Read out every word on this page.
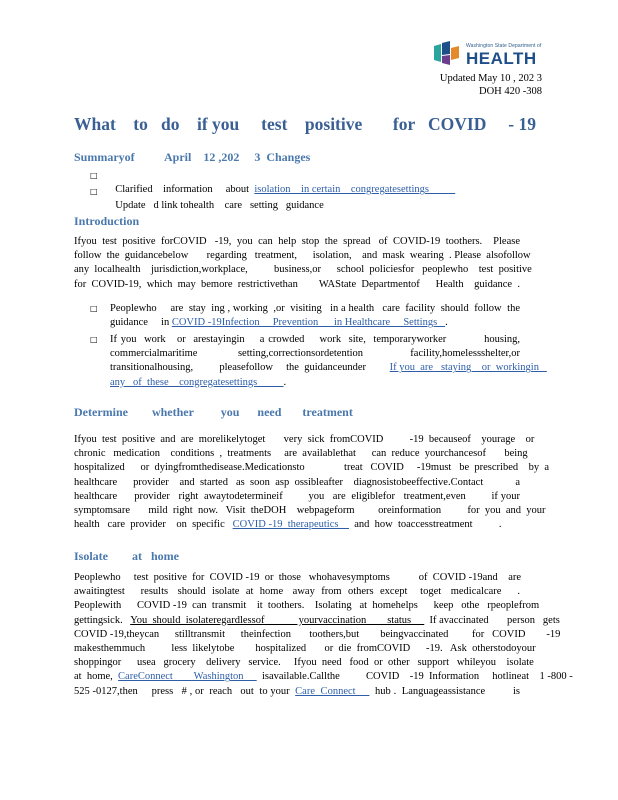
Washington State Department of
HEALTH
Updated May 10 , 202 3
DOH 420 -308
What    to   do    if you     test    positive       for   COVID     - 19
Summaryof          April    12 ,202     3  Changes

□
Clarified    information     about  isolation    in certain    congregatesettings

□
Update   d link tohealth    care   setting   guidance

Introduction
Ifyou  test  positive  forCOVID   -19,  you  can  help  stop  the  spread   of  COVID-19  toothers.    Please
follow  the  guidancebelow       regarding   treatment,      isolation,    and  mask  wearing  . Please  alsofollow
any  localhealth    jurisdiction,workplace,          business,or      school  policiesfor   peoplewho    test  positive
for  COVID-19,  which  may  bemore  restrictivethan        WAState  Departmentof      Health    guidance  .
□ Peoplewho     are  stay  ing , working  ,or  visiting   in a health   care  facility  should  follow  the
guidance     in COVID -19Infection     Prevention      in Healthcare     Settings   .
□ If you  work   or  arestayingin    a crowded    work  site,  temporaryworker          housing,
commercialmaritime            setting,correctionsordetention              facility,homelessshelter,or
transitionalhousing,          pleasefollow     the  guidanceunder         If you  are   staying    or  workingin
any   of  these    congregatesettings          .
Determine        whether         you      need       treatment
Ifyou  test  positive  and  are  morelikelytoget       very  sick  fromCOVID          -19  becauseof    yourage    or
chronic   medication    conditions  ,  treatments     are  availablethat      can  reduce  yourchancesof       being
hospitalized      or  dyingfromthedisease.Medicationsto               treat   COVID     -19must   be  prescribed    by  a
healthcare      provider    and  started   as  soon  asp  ossibleafter    diagnosistobeeffective.Contact            a
healthcare      provider   right  awaytodetermineif         you   are  eligiblefor   treatment,even         if your
symptomsare       mild  right  now.   Visit  theDOH    webpageform         oreinformation          for  you  and  your
health   care  provider    on  specific   COVID -19  therapeutics      and  how  toaccesstreatment          .
Isolate        at   home
Peoplewho     test  positive  for  COVID -19  or  those   whohavesymptoms           of  COVID -19and    are
awaitingtest     results   should  isolate  at  home   away  from  others  except    toget   medicalcare     .
Peoplewith      COVID -19  can  transmit    it  toothers.    Isolating   at  homehelps      keep   othe   rpeoplefrom
gettingsick.   You  should  isolateregardlessof             yourvaccination        status       If avaccinated       person   gets
COVID -19,theycan      stilltransmit      theinfection       toothers,but        beingvaccinated         for   COVID        -19
makesthemmuch          less  likelytobe        hospitalized       or  die  fromCOVID      -19.   Ask  otherstodoyour
shoppingor      usea   grocery    delivery   service.     Ifyou  need   food  or  other   support   whileyou    isolate
at  home,  CareConnect        Washington       isavailable.Callthe          COVID    -19  Information     hotlineat    1 -800 -
525 -0127,then     press   # , or  reach   out  to your  Care  Connect       hub .  Languageassistance          is
